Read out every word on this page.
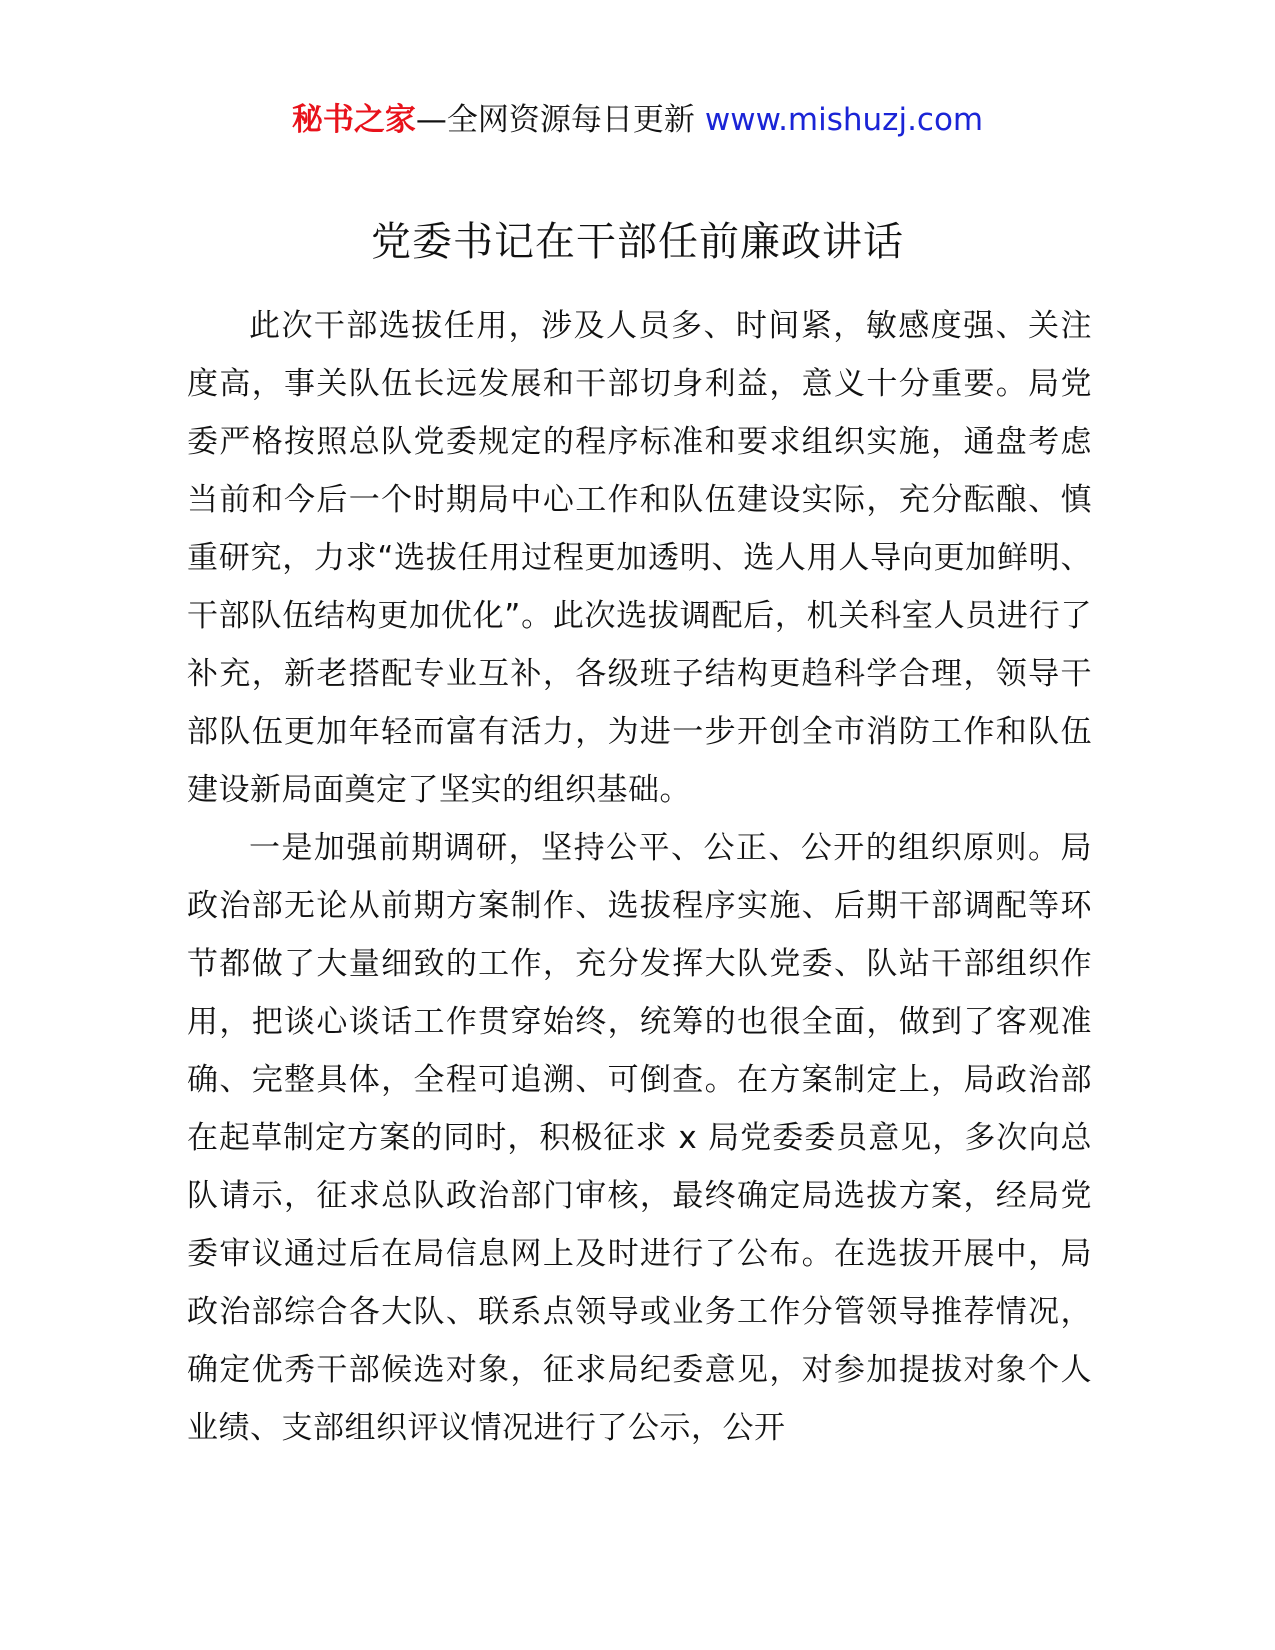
秘书之家—全网资源每日更新 www.mishuzj.com
党委书记在干部任前廉政讲话

此次干部选拔任用，涉及人员多、时间紧，敏感度强、关注度高，事关队伍长远发展和干部切身利益，意义十分重要。局党委严格按照总队党委规定的程序标准和要求组织实施，通盘考虑当前和今后一个时期局中心工作和队伍建设实际，充分酝酿、慎重研究，力求“选拔任用过程更加透明、选人用人导向更加鲜明、干部队伍结构更加优化”。此次选拔调配后，机关科室人员进行了补充，新老搭配专业互补，各级班子结构更趋科学合理，领导干部队伍更加年轻而富有活力，为进一步开创全市消防工作和队伍建设新局面奠定了坚实的组织基础。

一是加强前期调研，坚持公平、公正、公开的组织原则。局政治部无论从前期方案制作、选拔程序实施、后期干部调配等环节都做了大量细致的工作，充分发挥大队党委、队站干部组织作用，把谈心谈话工作贯穿始终，统筹的也很全面，做到了客观准确、完整具体，全程可追溯、可倒查。在方案制定上，局政治部在起草制定方案的同时，积极征求 x 局党委委员意见，多次向总队请示，征求总队政治部门审核，最终确定局选拔方案，经局党委审议通过后在局信息网上及时进行了公布。在选拔开展中，局政治部综合各大队、联系点领导或业务工作分管领导推荐情况，确定优秀干部候选对象，征求局纪委意见，对参加提拔对象个人业绩、支部组织评议情况进行了公示，公开
